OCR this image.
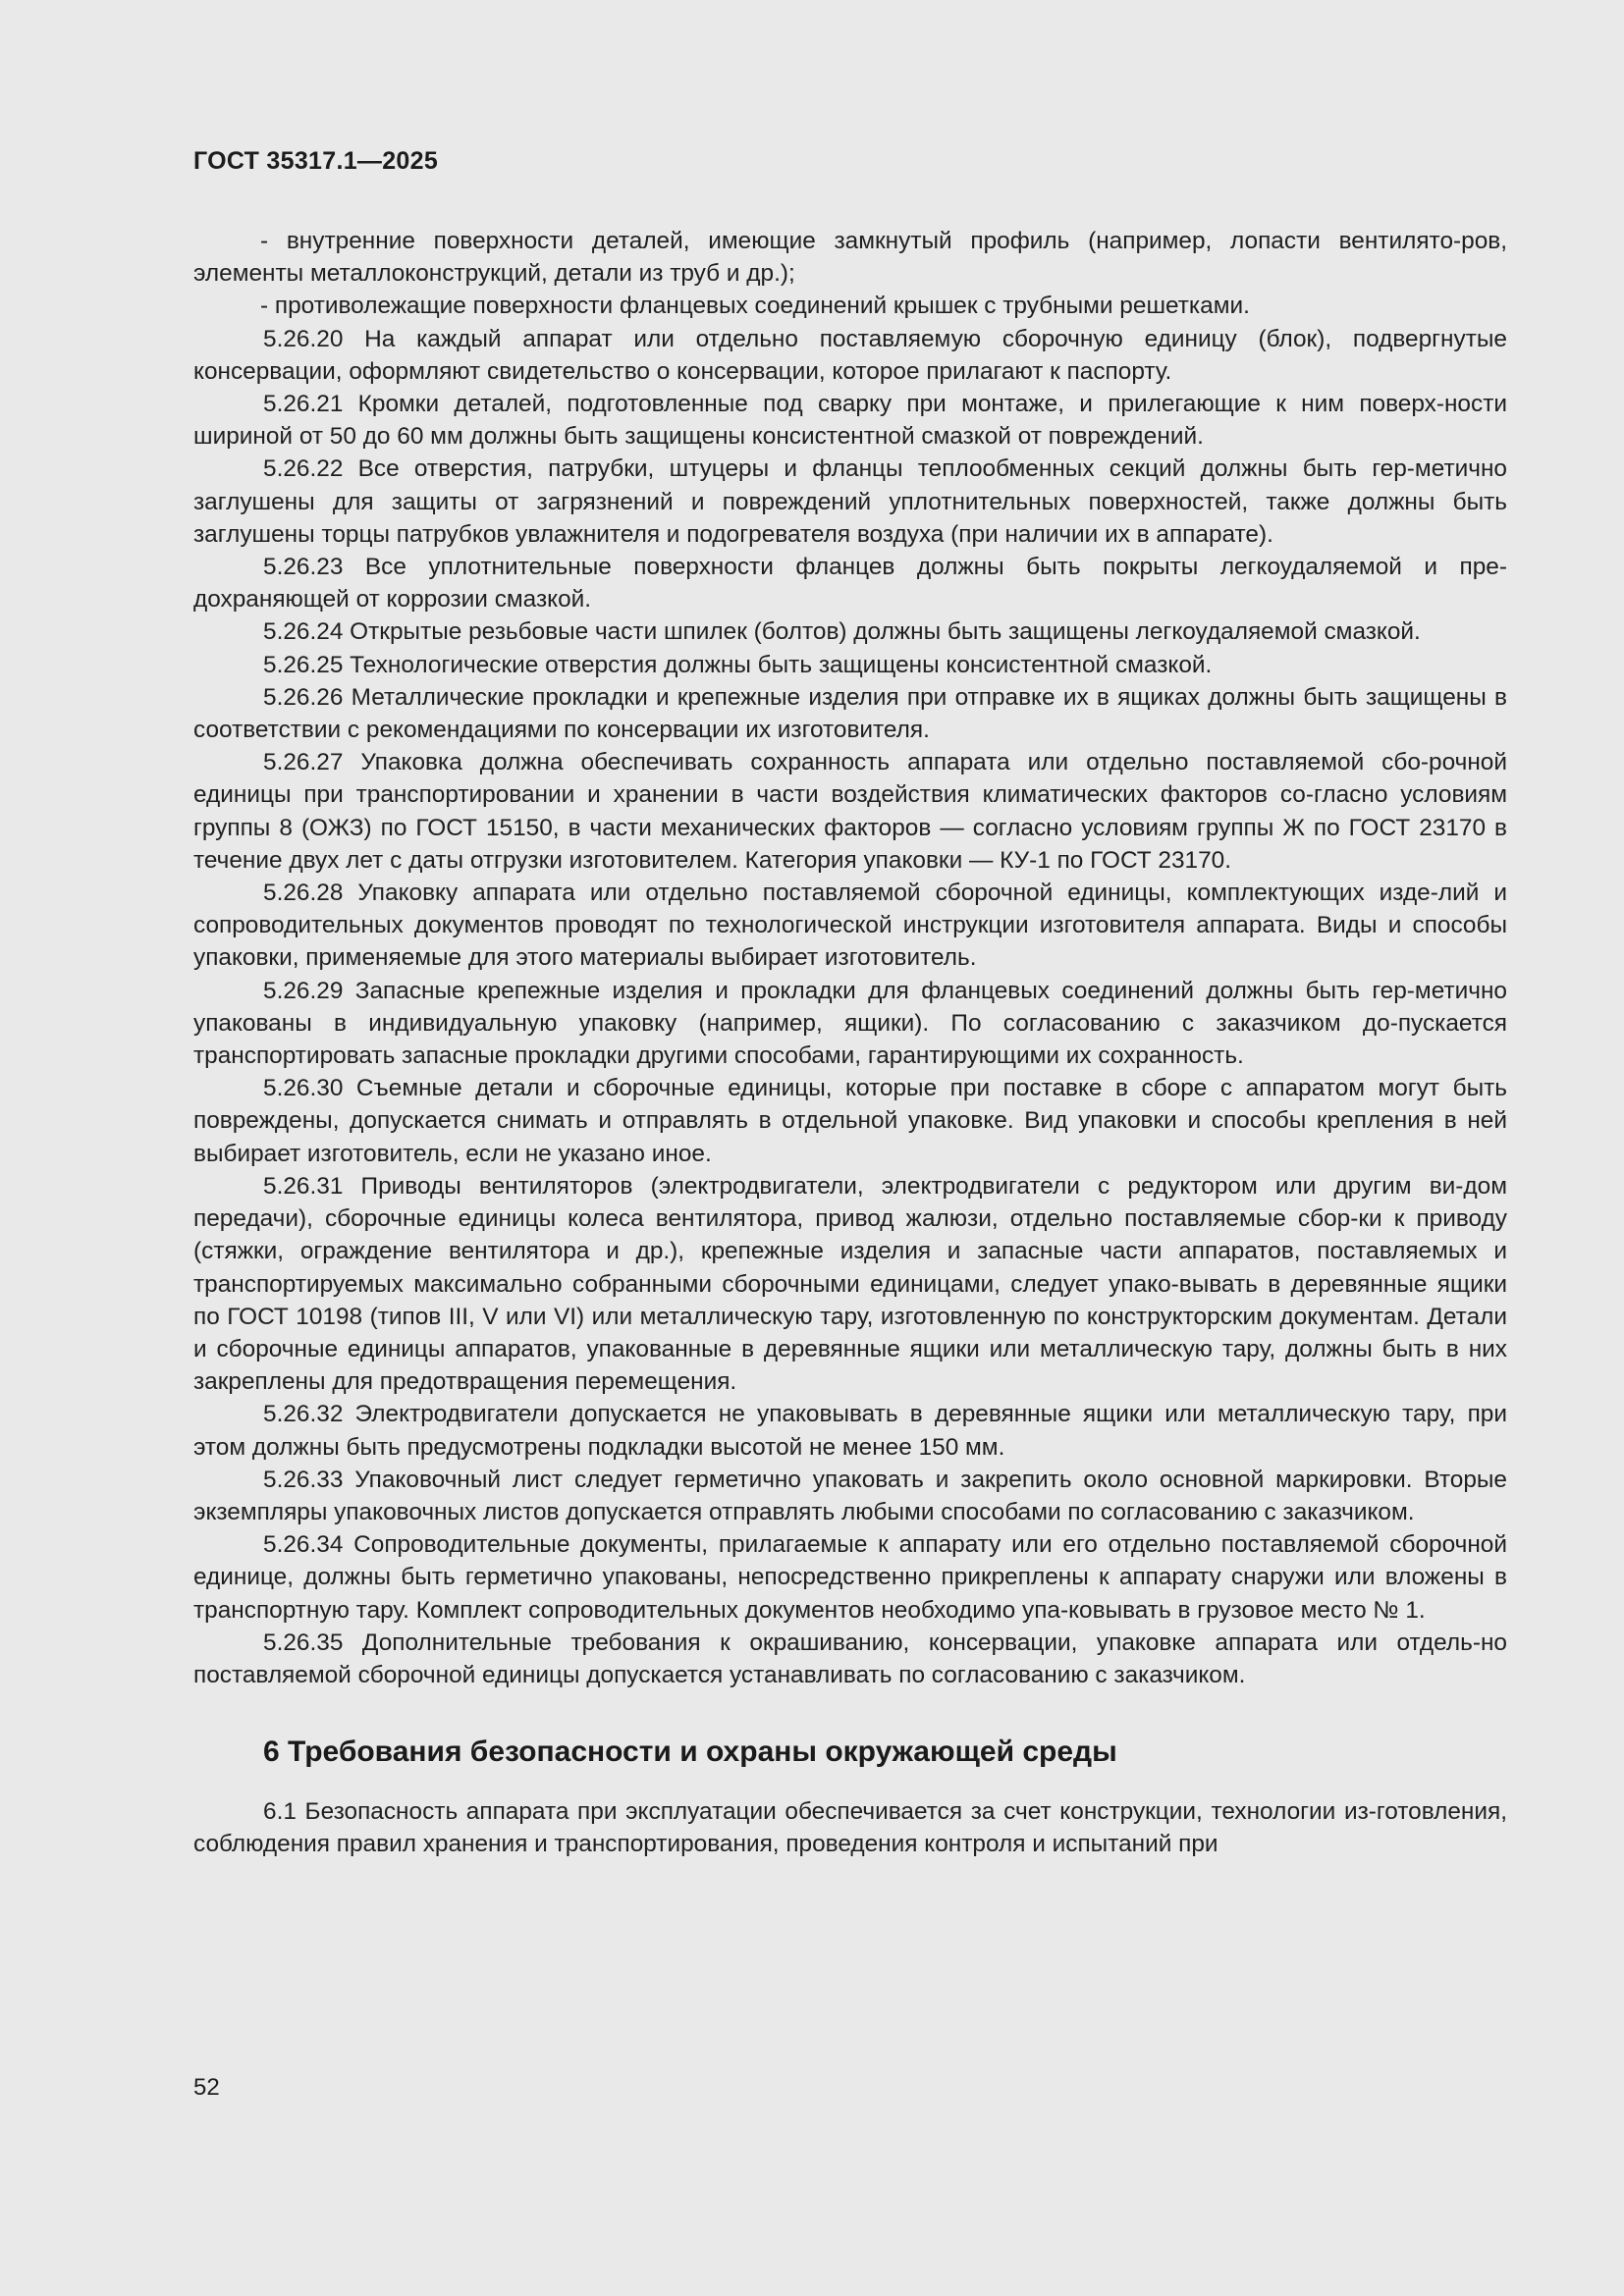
ГОСТ 35317.1—2025

- внутренние поверхности деталей, имеющие замкнутый профиль (например, лопасти вентилято-ров, элементы металлоконструкций, детали из труб и др.);

- противолежащие поверхности фланцевых соединений крышек с трубными решетками.

5.26.20 На каждый аппарат или отдельно поставляемую сборочную единицу (блок), подвергнутые консервации, оформляют свидетельство о консервации, которое прилагают к паспорту.

5.26.21 Кромки деталей, подготовленные под сварку при монтаже, и прилегающие к ним поверх-ности шириной от 50 до 60 мм должны быть защищены консистентной смазкой от повреждений.

5.26.22 Все отверстия, патрубки, штуцеры и фланцы теплообменных секций должны быть гер-метично заглушены для защиты от загрязнений и повреждений уплотнительных поверхностей, также должны быть заглушены торцы патрубков увлажнителя и подогревателя воздуха (при наличии их в аппарате).

5.26.23 Все уплотнительные поверхности фланцев должны быть покрыты легкоудаляемой и пре-дохраняющей от коррозии смазкой.

5.26.24 Открытые резьбовые части шпилек (болтов) должны быть защищены легкоудаляемой смазкой.

5.26.25 Технологические отверстия должны быть защищены консистентной смазкой.

5.26.26 Металлические прокладки и крепежные изделия при отправке их в ящиках должны быть защищены в соответствии с рекомендациями по консервации их изготовителя.

5.26.27 Упаковка должна обеспечивать сохранность аппарата или отдельно поставляемой сбо-рочной единицы при транспортировании и хранении в части воздействия климатических факторов со-гласно условиям группы 8 (ОЖЗ) по ГОСТ 15150, в части механических факторов — согласно условиям группы Ж по ГОСТ 23170 в течение двух лет с даты отгрузки изготовителем. Категория упаковки — КУ-1 по ГОСТ 23170.

5.26.28 Упаковку аппарата или отдельно поставляемой сборочной единицы, комплектующих изде-лий и сопроводительных документов проводят по технологической инструкции изготовителя аппарата. Виды и способы упаковки, применяемые для этого материалы выбирает изготовитель.

5.26.29 Запасные крепежные изделия и прокладки для фланцевых соединений должны быть гер-метично упакованы в индивидуальную упаковку (например, ящики). По согласованию с заказчиком до-пускается транспортировать запасные прокладки другими способами, гарантирующими их сохранность.

5.26.30 Съемные детали и сборочные единицы, которые при поставке в сборе с аппаратом могут быть повреждены, допускается снимать и отправлять в отдельной упаковке. Вид упаковки и способы крепления в ней выбирает изготовитель, если не указано иное.

5.26.31 Приводы вентиляторов (электродвигатели, электродвигатели с редуктором или другим ви-дом передачи), сборочные единицы колеса вентилятора, привод жалюзи, отдельно поставляемые сбор-ки к приводу (стяжки, ограждение вентилятора и др.), крепежные изделия и запасные части аппаратов, поставляемых и транспортируемых максимально собранными сборочными единицами, следует упако-вывать в деревянные ящики по ГОСТ 10198 (типов III, V или VI) или металлическую тару, изготовленную по конструкторским документам. Детали и сборочные единицы аппаратов, упакованные в деревянные ящики или металлическую тару, должны быть в них закреплены для предотвращения перемещения.

5.26.32 Электродвигатели допускается не упаковывать в деревянные ящики или металлическую тару, при этом должны быть предусмотрены подкладки высотой не менее 150 мм.

5.26.33 Упаковочный лист следует герметично упаковать и закрепить около основной маркировки. Вторые экземпляры упаковочных листов допускается отправлять любыми способами по согласованию с заказчиком.

5.26.34 Сопроводительные документы, прилагаемые к аппарату или его отдельно поставляемой сборочной единице, должны быть герметично упакованы, непосредственно прикреплены к аппарату снаружи или вложены в транспортную тару. Комплект сопроводительных документов необходимо упа-ковывать в грузовое место № 1.

5.26.35 Дополнительные требования к окрашиванию, консервации, упаковке аппарата или отдель-но поставляемой сборочной единицы допускается устанавливать по согласованию с заказчиком.

6 Требования безопасности и охраны окружающей среды

6.1 Безопасность аппарата при эксплуатации обеспечивается за счет конструкции, технологии из-готовления, соблюдения правил хранения и транспортирования, проведения контроля и испытаний при

52
